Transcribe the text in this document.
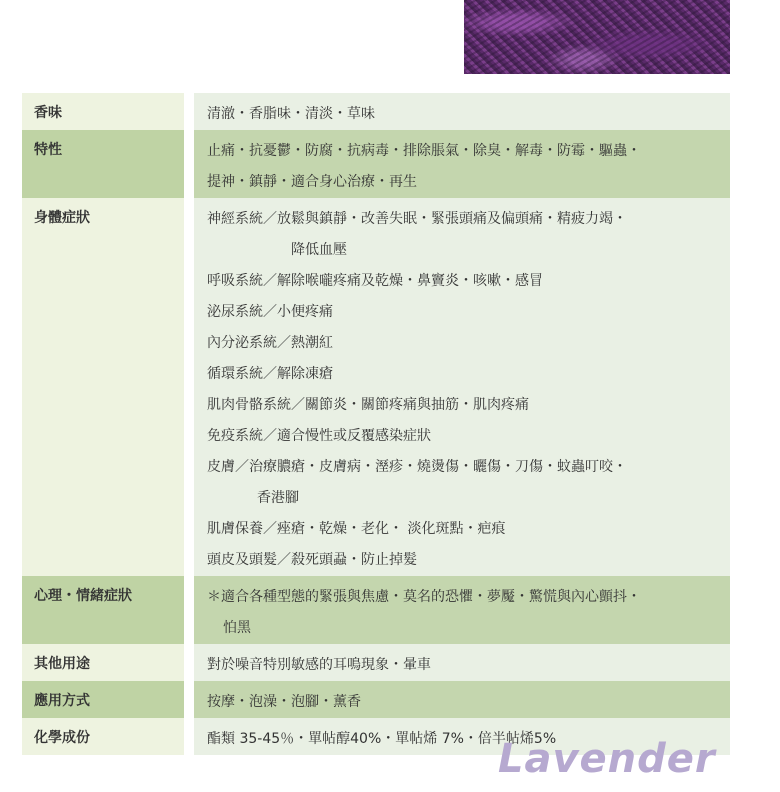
香味	清澈・香脂味・清淡・草味
特性	止痛・抗憂鬱・防腐・抗病毒・排除脹氣・除臭・解毒・防霉・驅蟲・
提神・鎮靜・適合身心治療・再生
身體症狀	神經系統／放鬆與鎮靜・改善失眠・緊張頭痛及偏頭痛・精疲力竭・
降低血壓
呼吸系統／解除喉嚨疼痛及乾燥・鼻竇炎・咳嗽・感冒
泌尿系統／小便疼痛
內分泌系統／熱潮紅
循環系統／解除凍瘡
肌肉骨骼系統／關節炎・關節疼痛與抽筋・肌肉疼痛
免疫系統／適合慢性或反覆感染症狀
皮膚／治療膿瘡・皮膚病・溼疹・燒燙傷・曬傷・刀傷・蚊蟲叮咬・
香港腳
肌膚保養／痤瘡・乾燥・老化・ 淡化斑點・疤痕
頭皮及頭髮／殺死頭蝨・防止掉髮
心理・情緒症狀	＊適合各種型態的緊張與焦慮・莫名的恐懼・夢魘・驚慌與內心顫抖・
怕黑
其他用途	對於噪音特別敏感的耳鳴現象・暈車
應用方式	按摩・泡澡・泡腳・薰香
化學成份	酯類 35-45％・單帖醇40%・單帖烯 7%・倍半帖烯5%
Lavender
